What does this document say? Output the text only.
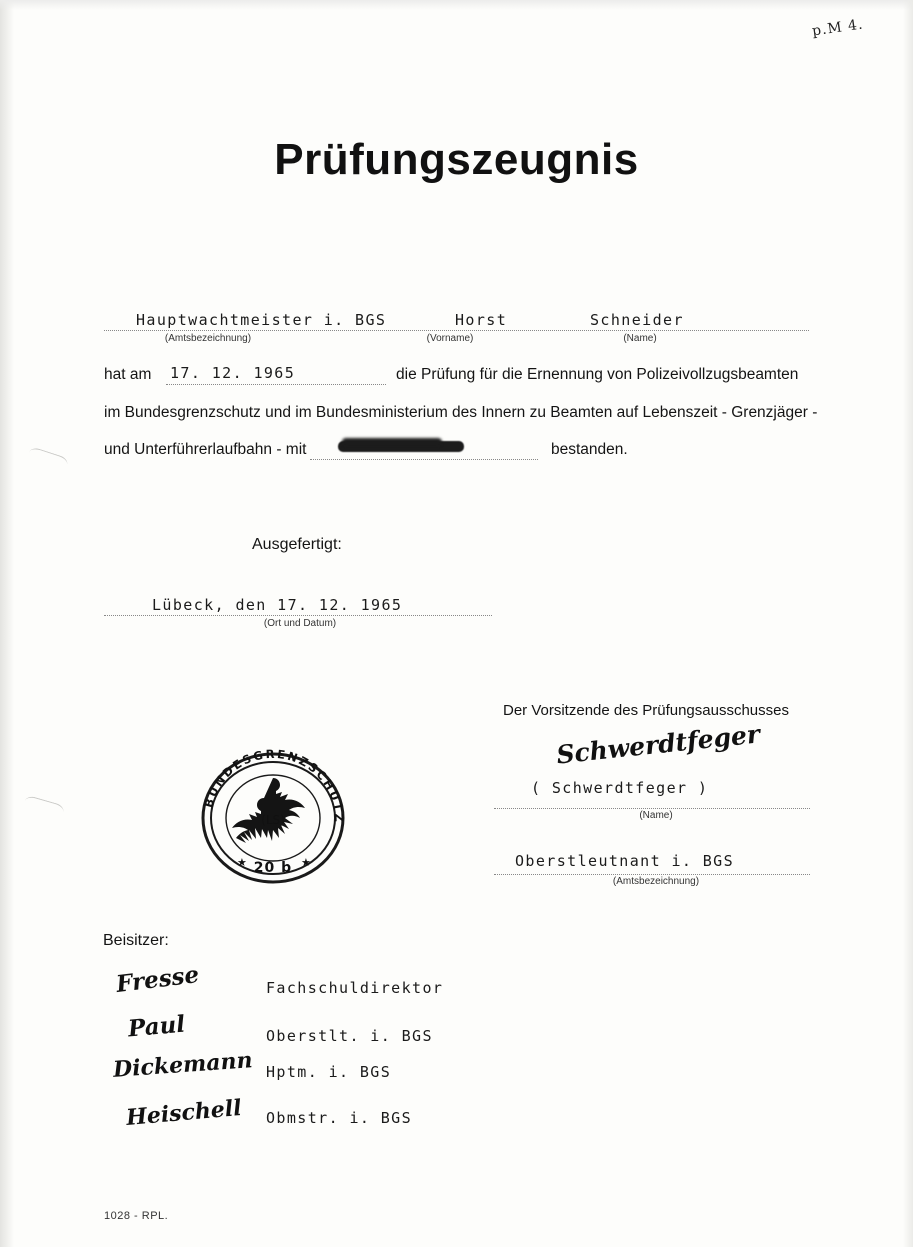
p.M 4.
Prüfungszeugnis
Hauptwachtmeister i. BGS	Horst	Schneider
(Amtsbezeichnung)	(Vorname)	(Name)
hat am 17. 12. 1965	die Prüfung für die Ernennung von Polizeivollzugsbeamten
im Bundesgrenzschutz und im Bundesministerium des Innern zu Beamten auf Lebenszeit - Grenzjäger -
und Unterführerlaufbahn - mit	bestanden.
Ausgefertigt:
Lübeck, den 17. 12. 1965
(Ort und Datum)
BUNDESGRENZSCHUTZ
(LS)
20 b
★	★
Der Vorsitzende des Prüfungsausschusses
Schwerdtfeger
( Schwerdtfeger )
(Name)
Oberstleutnant i. BGS
(Amtsbezeichnung)
Beisitzer:
Fresse	Fachschuldirektor
Paul	Oberstlt. i. BGS
Dickemann Hptm. i. BGS
Heischell Obmstr. i. BGS
1028 - RPL.
